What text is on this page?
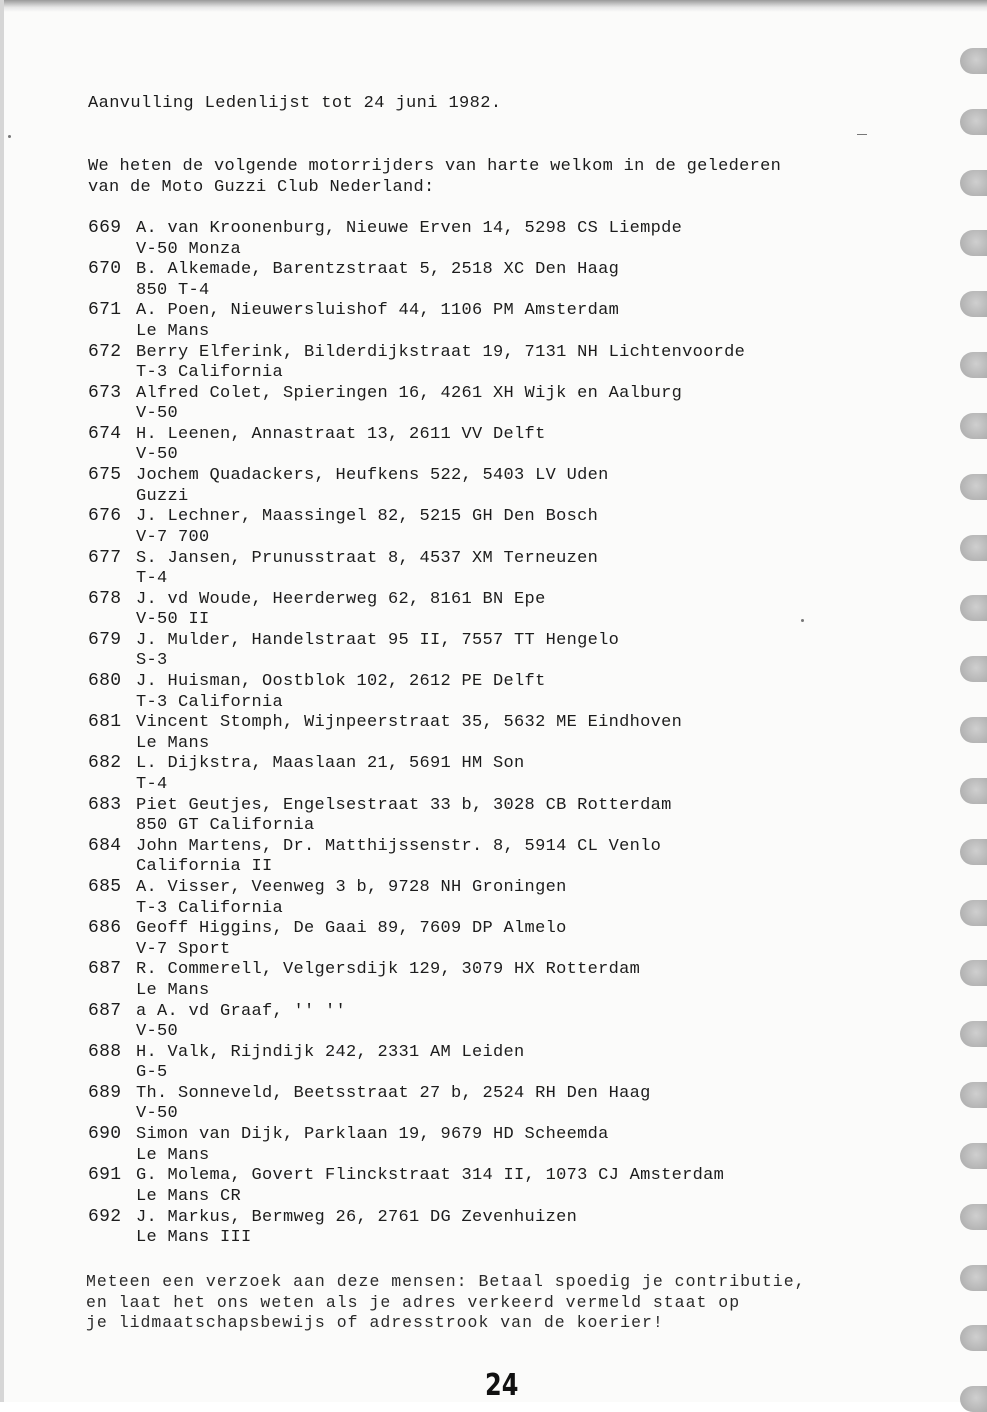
Aanvulling Ledenlijst tot 24 juni 1982.
We heten de volgende motorrijders van harte welkom in de gelederen
van de Moto Guzzi Club Nederland:
669 A. van Kroonenburg, Nieuwe Erven 14, 5298 CS Liempde
V-50 Monza
670 B. Alkemade, Barentzstraat 5, 2518 XC Den Haag
850 T-4
671 A. Poen, Nieuwersluishof 44, 1106 PM Amsterdam
Le Mans
672 Berry Elferink, Bilderdijkstraat 19, 7131 NH Lichtenvoorde
T-3 California
673 Alfred Colet, Spieringen 16, 4261 XH Wijk en Aalburg
V-50
674 H. Leenen, Annastraat 13, 2611 VV Delft
V-50
675 Jochem Quadackers, Heufkens 522, 5403 LV Uden
Guzzi
676 J. Lechner, Maassingel 82, 5215 GH Den Bosch
V-7 700
677 S. Jansen, Prunusstraat 8, 4537 XM Terneuzen
T-4
678 J. vd Woude, Heerderweg 62, 8161 BN Epe
V-50 II
679 J. Mulder, Handelstraat 95 II, 7557 TT Hengelo
S-3
680 J. Huisman, Oostblok 102, 2612 PE Delft
T-3 California
681 Vincent Stomph, Wijnpeerstraat 35, 5632 ME Eindhoven
Le Mans
682 L. Dijkstra, Maaslaan 21, 5691 HM Son
T-4
683 Piet Geutjes, Engelsestraat 33 b, 3028 CB Rotterdam
850 GT California
684 John Martens, Dr. Matthijssenstr. 8, 5914 CL Venlo
California II
685 A. Visser, Veenweg 3 b, 9728 NH Groningen
T-3 California
686 Geoff Higgins, De Gaai 89, 7609 DP Almelo
V-7 Sport
687 R. Commerell, Velgersdijk 129, 3079 HX Rotterdam
Le Mans
687 a A. vd Graaf, '' ''
V-50
688 H. Valk, Rijndijk 242, 2331 AM Leiden
G-5
689 Th. Sonneveld, Beetsstraat 27 b, 2524 RH Den Haag
V-50
690 Simon van Dijk, Parklaan 19, 9679 HD Scheemda
Le Mans
691 G. Molema, Govert Flinckstraat 314 II, 1073 CJ Amsterdam
Le Mans CR
692 J. Markus, Bermweg 26, 2761 DG Zevenhuizen
Le Mans III
Meteen een verzoek aan deze mensen: Betaal spoedig je contributie,
en laat het ons weten als je adres verkeerd vermeld staat op
je lidmaatschapsbewijs of adresstrook van de koerier!
24
